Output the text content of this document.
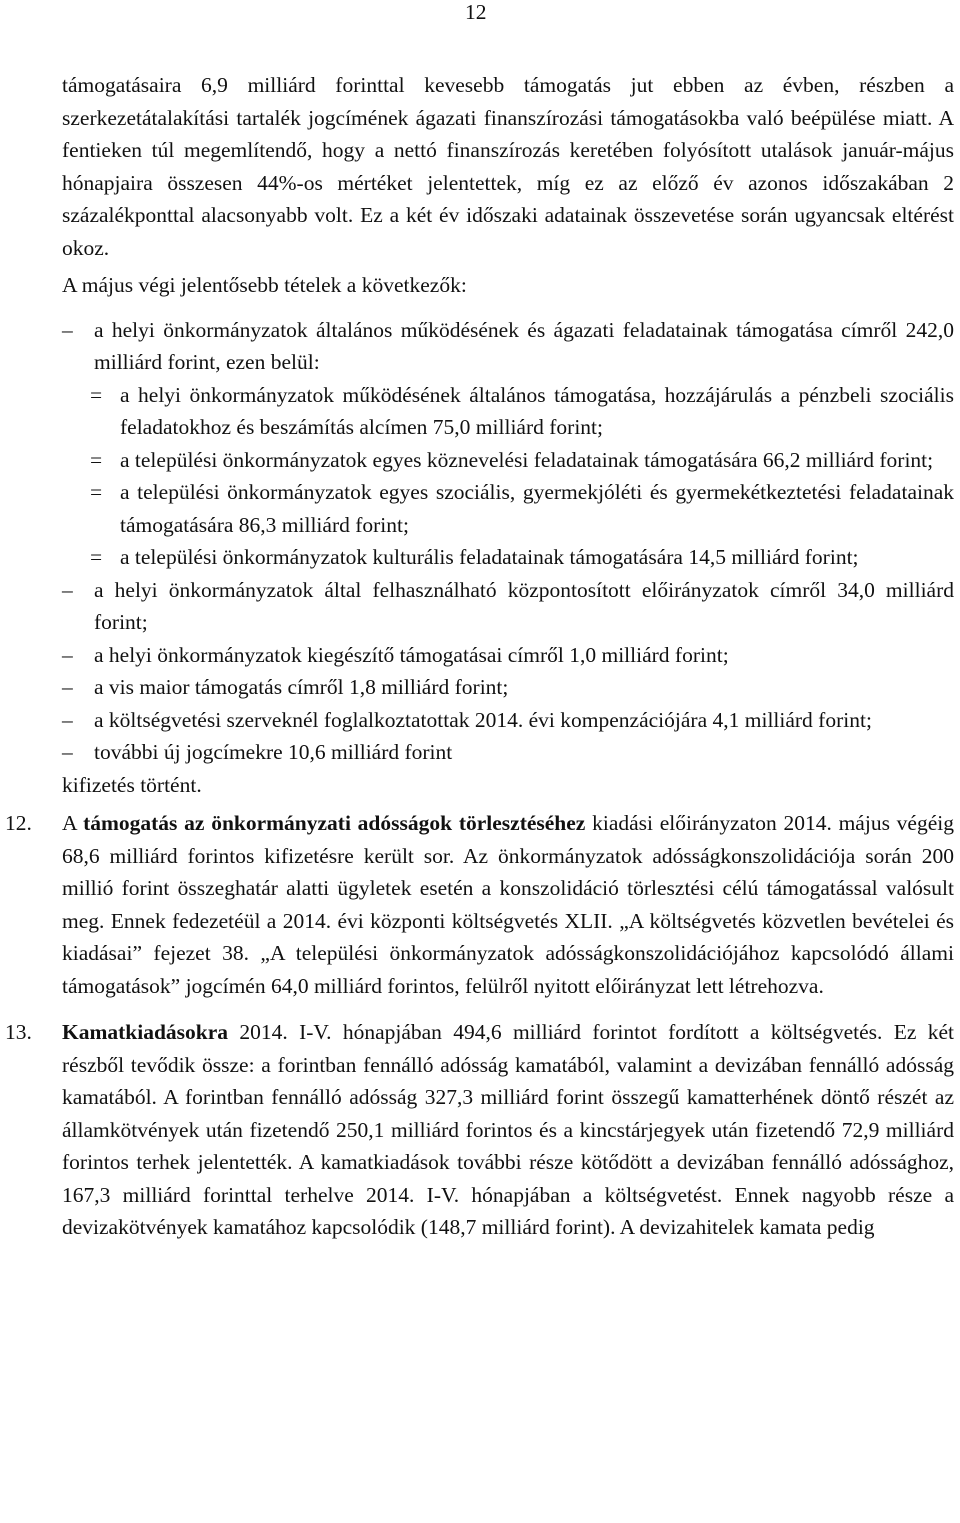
12

támogatásaira 6,9 milliárd forinttal kevesebb támogatás jut ebben az évben, részben a szerkezetátalakítási tartalék jogcímének ágazati finanszírozási támogatásokba való beépülése miatt. A fentieken túl megemlítendő, hogy a nettó finanszírozás keretében folyósított utalások január-május hónapjaira összesen 44%-os mértéket jelentettek, míg ez az előző év azonos időszakában 2 százalékponttal alacsonyabb volt. Ez a két év időszaki adatainak összevetése során ugyancsak eltérést okoz.

A május végi jelentősebb tételek a következők:

– a helyi önkormányzatok általános működésének és ágazati feladatainak támogatása címről 242,0 milliárd forint, ezen belül:
= a helyi önkormányzatok működésének általános támogatása, hozzájárulás a pénzbeli szociális feladatokhoz és beszámítás alcímen 75,0 milliárd forint;
= a települési önkormányzatok egyes köznevelési feladatainak támogatására 66,2 milliárd forint;
= a települési önkormányzatok egyes szociális, gyermekjóléti és gyermekétkeztetési feladatainak támogatására 86,3 milliárd forint;
= a települési önkormányzatok kulturális feladatainak támogatására 14,5 milliárd forint;
– a helyi önkormányzatok által felhasználható központosított előirányzatok címről 34,0 milliárd forint;
– a helyi önkormányzatok kiegészítő támogatásai címről 1,0 milliárd forint;
– a vis maior támogatás címről 1,8 milliárd forint;
– a költségvetési szerveknél foglalkoztatottak 2014. évi kompenzációjára 4,1 milliárd forint;
– további új jogcímekre 10,6 milliárd forint

kifizetés történt.

12.	A támogatás az önkormányzati adósságok törlesztéséhez kiadási előirányzaton 2014. május végéig 68,6 milliárd forintos kifizetésre került sor. Az önkormányzatok adósságkonszolidációja során 200 millió forint összeghatár alatti ügyletek esetén a konszolidáció törlesztési célú támogatással valósult meg. Ennek fedezetéül a 2014. évi központi költségvetés XLII. „A költségvetés közvetlen bevételei és kiadásai” fejezet 38. „A települési önkormányzatok adósságkonszolidációjához kapcsolódó állami támogatások” jogcímén 64,0 milliárd forintos, felülről nyitott előirányzat lett létrehozva.

13.	Kamatkiadásokra 2014. I-V. hónapjában 494,6 milliárd forintot fordított a költségvetés. Ez két részből tevődik össze: a forintban fennálló adósság kamatából, valamint a devizában fennálló adósság kamatából. A forintban fennálló adósság 327,3 milliárd forint összegű kamatterhének döntő részét az államkötvények után fizetendő 250,1 milliárd forintos és a kincstárjegyek után fizetendő 72,9 milliárd forintos terhek jelentették. A kamatkiadások további része kötődött a devizában fennálló adóssághoz, 167,3 milliárd forinttal terhelve 2014. I-V. hónapjában a költségvetést. Ennek nagyobb része a devizakötvények kamatához kapcsolódik (148,7 milliárd forint). A devizahitelek kamata pedig
